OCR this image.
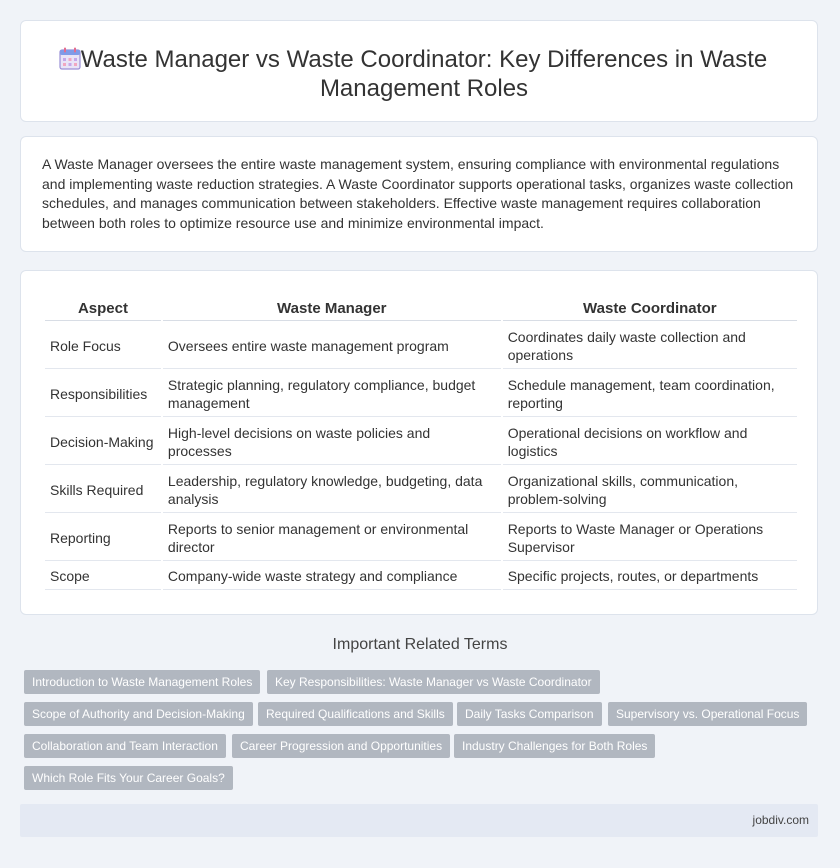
Waste Manager vs Waste Coordinator: Key Differences in Waste Management Roles
A Waste Manager oversees the entire waste management system, ensuring compliance with environmental regulations and implementing waste reduction strategies. A Waste Coordinator supports operational tasks, organizes waste collection schedules, and manages communication between stakeholders. Effective waste management requires collaboration between both roles to optimize resource use and minimize environmental impact.
Aspect	Waste Manager	Waste Coordinator
Role Focus	Oversees entire waste management program	Coordinates daily waste collection and operations
Responsibilities	Strategic planning, regulatory compliance, budget management	Schedule management, team coordination, reporting
Decision-Making	High-level decisions on waste policies and processes	Operational decisions on workflow and logistics
Skills Required	Leadership, regulatory knowledge, budgeting, data analysis	Organizational skills, communication, problem-solving
Reporting	Reports to senior management or environmental director	Reports to Waste Manager or Operations Supervisor
Scope	Company-wide waste strategy and compliance	Specific projects, routes, or departments
Important Related Terms
Introduction to Waste Management Roles	Key Responsibilities: Waste Manager vs Waste Coordinator
Scope of Authority and Decision-Making	Required Qualifications and Skills	Daily Tasks Comparison	Supervisory vs. Operational Focus
Collaboration and Team Interaction	Career Progression and Opportunities	Industry Challenges for Both Roles
Which Role Fits Your Career Goals?
jobdiv.com
